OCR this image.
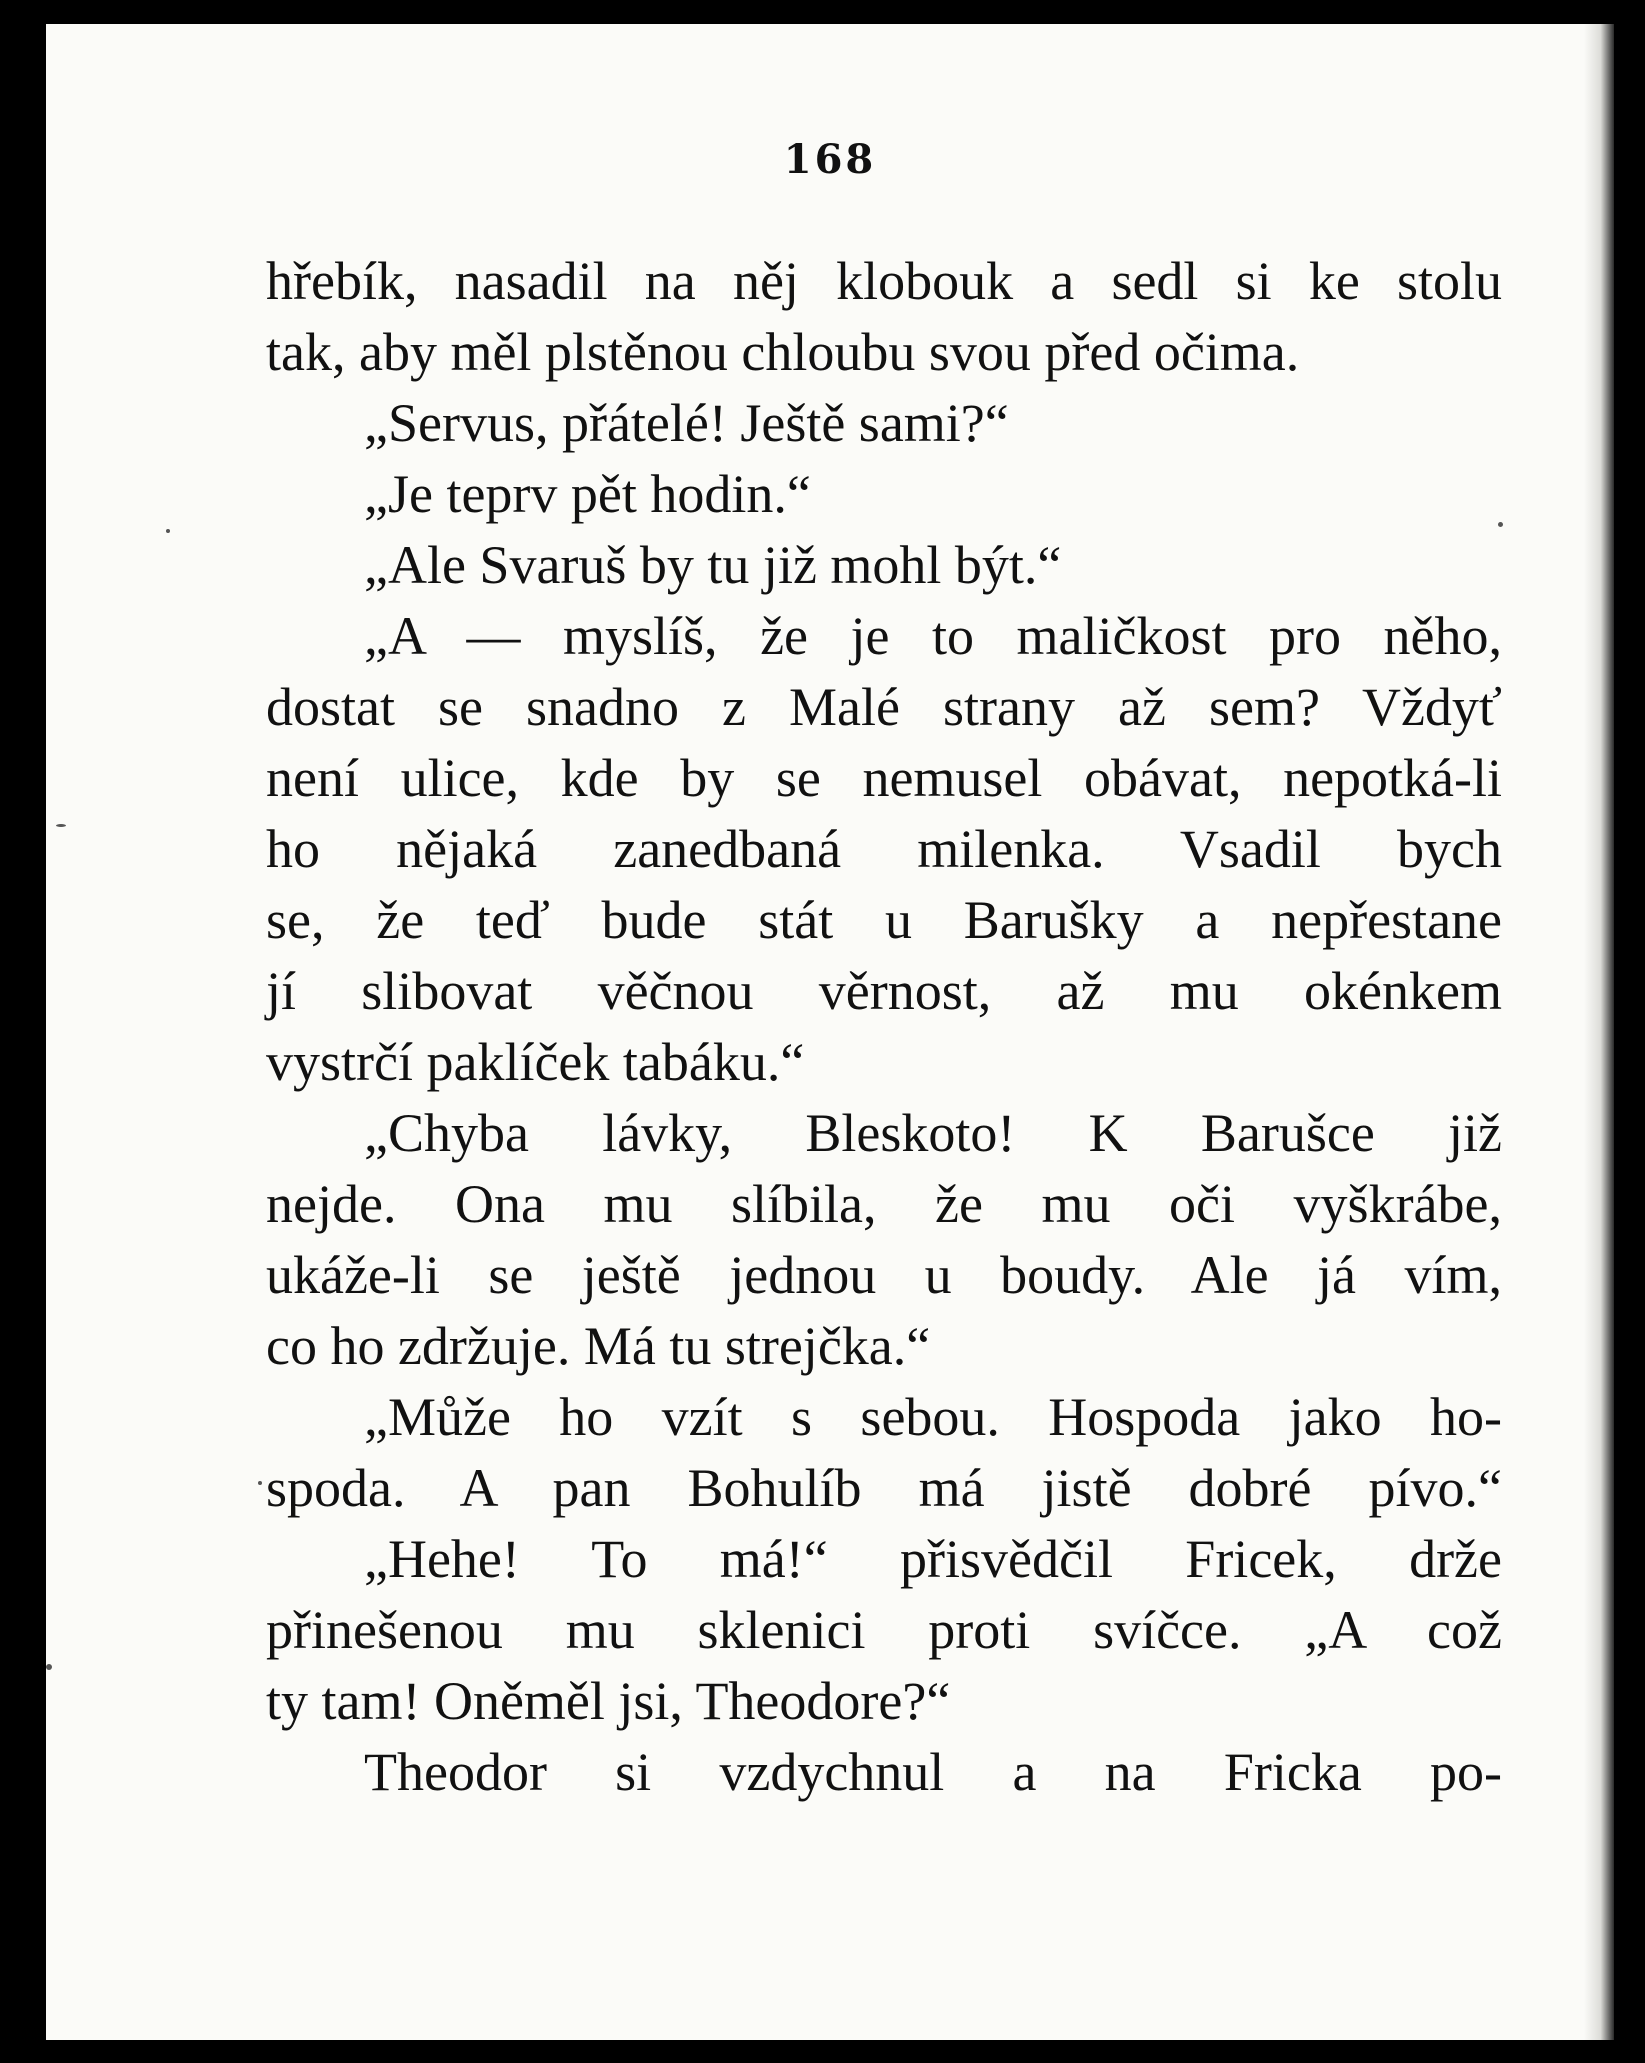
168
hřebík, nasadil na něj klobouk a sedl si ke stolu
tak, aby měl plstěnou chloubu svou před očima.
„Servus, přátelé! Ještě sami?“
„Je teprv pět hodin.“
„Ale Svaruš by tu již mohl být.“
„A — myslíš, že je to maličkost pro něho,
dostat se snadno z Malé strany až sem? Vždyť
není ulice, kde by se nemusel obávat, nepotká-li
ho nějaká zanedbaná milenka. Vsadil bych
se, že teď bude stát u Barušky a nepřestane
jí slibovat věčnou věrnost, až mu okénkem
vystrčí paklíček tabáku.“
„Chyba lávky, Bleskoto! K Barušce již
nejde. Ona mu slíbila, že mu oči vyškrábe,
ukáže-li se ještě jednou u boudy. Ale já vím,
co ho zdržuje. Má tu strejčka.“
„Může ho vzít s sebou. Hospoda jako ho-
spoda. A pan Bohulíb má jistě dobré pívo.“
„Hehe! To má!“ přisvědčil Fricek, drže
přinešenou mu sklenici proti svíčce. „A což
ty tam! Oněměl jsi, Theodore?“
Theodor si vzdychnul a na Fricka po-
